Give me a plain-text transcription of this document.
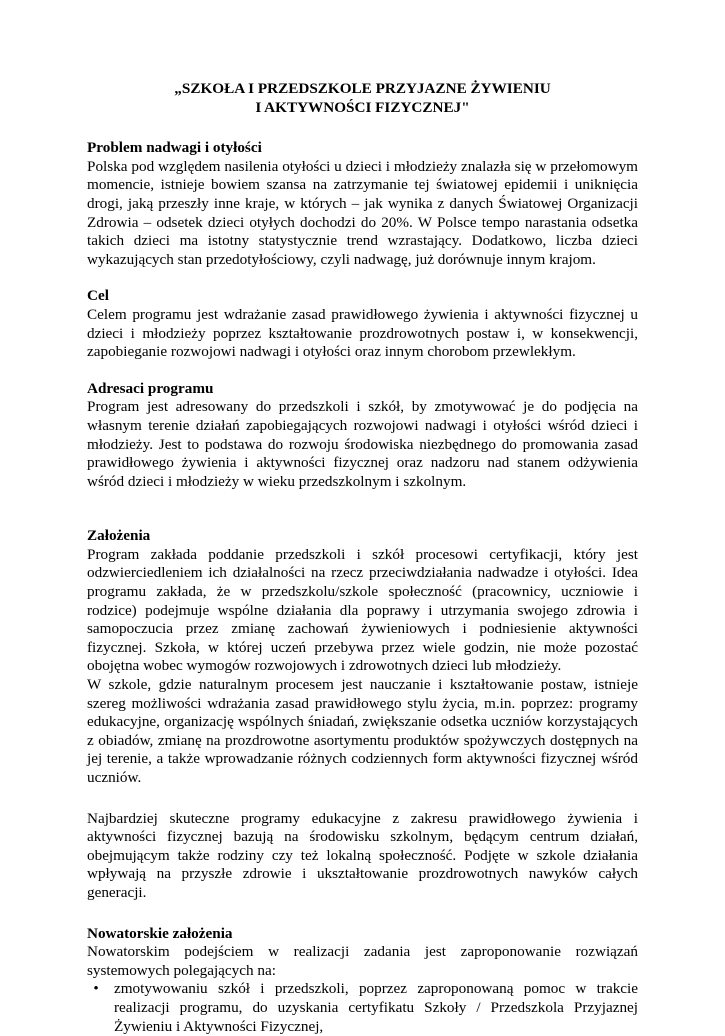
„SZKOŁA I PRZEDSZKOLE PRZYJAZNE ŻYWIENIU
I AKTYWNOŚCI FIZYCZNEJ"
Problem nadwagi i otyłości

Polska pod względem nasilenia otyłości u dzieci i młodzieży znalazła się w przełomowym momencie, istnieje bowiem szansa na zatrzymanie tej światowej epidemii i uniknięcia drogi, jaką przeszły inne kraje, w których – jak wynika z danych Światowej Organizacji Zdrowia – odsetek dzieci otyłych dochodzi do 20%. W Polsce tempo narastania odsetka takich dzieci ma istotny statystycznie trend wzrastający. Dodatkowo, liczba dzieci wykazujących stan przedotyłościowy, czyli nadwagę, już dorównuje innym krajom.

Cel

Celem programu jest wdrażanie zasad prawidłowego żywienia i aktywności fizycznej u dzieci i młodzieży poprzez kształtowanie prozdrowotnych postaw i, w konsekwencji, zapobieganie rozwojowi nadwagi i otyłości oraz innym chorobom przewlekłym.

Adresaci programu

Program jest adresowany do przedszkoli i szkół, by zmotywować je do podjęcia na własnym terenie działań zapobiegających rozwojowi nadwagi i otyłości wśród dzieci i młodzieży. Jest to podstawa do rozwoju środowiska niezbędnego do promowania zasad prawidłowego żywienia i aktywności fizycznej oraz nadzoru nad stanem odżywienia wśród dzieci i młodzieży w wieku przedszkolnym i szkolnym.

Założenia

Program zakłada poddanie przedszkoli i szkół procesowi certyfikacji, który jest odzwierciedleniem ich działalności na rzecz przeciwdziałania nadwadze i otyłości. Idea programu zakłada, że w przedszkolu/szkole społeczność (pracownicy, uczniowie i rodzice) podejmuje wspólne działania dla poprawy i utrzymania swojego zdrowia i samopoczucia przez zmianę zachowań żywieniowych i podniesienie aktywności fizycznej. Szkoła, w której uczeń przebywa przez wiele godzin, nie może pozostać obojętna wobec wymogów rozwojowych i zdrowotnych dzieci lub młodzieży.

W szkole, gdzie naturalnym procesem jest nauczanie i kształtowanie postaw, istnieje szereg możliwości wdrażania zasad prawidłowego stylu życia, m.in. poprzez: programy edukacyjne, organizację wspólnych śniadań, zwiększanie odsetka uczniów korzystających z obiadów, zmianę na prozdrowotne asortymentu produktów spożywczych dostępnych na jej terenie, a także wprowadzanie różnych codziennych form aktywności fizycznej wśród uczniów.

Najbardziej skuteczne programy edukacyjne z zakresu prawidłowego żywienia i aktywności fizycznej bazują na środowisku szkolnym, będącym centrum działań, obejmującym także rodziny czy też lokalną społeczność. Podjęte w szkole działania wpływają na przyszłe zdrowie i ukształtowanie prozdrowotnych nawyków całych generacji.

Nowatorskie założenia

Nowatorskim podejściem w realizacji zadania jest zaproponowanie rozwiązań systemowych polegających na:

•	zmotywowaniu szkół i przedszkoli, poprzez zaproponowaną pomoc w trakcie realizacji programu, do uzyskania certyfikatu Szkoły / Przedszkola Przyjaznej Żywieniu i Aktywności Fizycznej,
